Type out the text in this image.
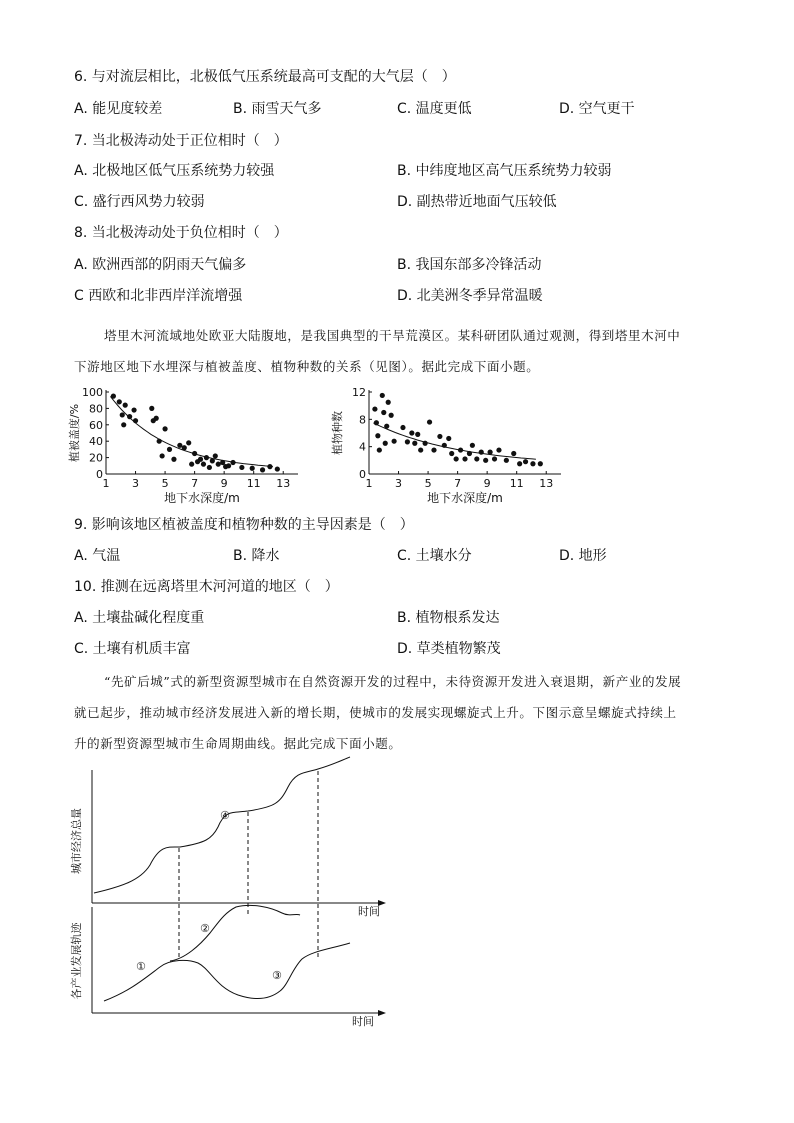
6. 与对流层相比，北极低气压系统最高可支配的大气层（　）
A. 能见度较差	B. 雨雪天气多	C. 温度更低	D. 空气更干
7. 当北极涛动处于正位相时（　）
A. 北极地区低气压系统势力较强	B. 中纬度地区高气压系统势力较弱
C. 盛行西风势力较弱	D. 副热带近地面气压较低
8. 当北极涛动处于负位相时（　）
A. 欧洲西部的阴雨天气偏多	B. 我国东部多冷锋活动
C 西欧和北非西岸洋流增强	D. 北美洲冬季异常温暖
塔里木河流域地处欧亚大陆腹地，是我国典型的干旱荒漠区。某科研团队通过观测，得到塔里木河中
下游地区地下水埋深与植被盖度、植物种数的关系（见图）。据此完成下面小题。
0
20
40
60
80
100
1 3 5 7 9 11 13
地下水深度/m
植被盖度/%
0
4
8
12
1 3 5 7 9 11 13
地下水深度/m
植物种数
9. 影响该地区植被盖度和植物种数的主导因素是（　）
A. 气温	B. 降水	C. 土壤水分	D. 地形
10. 推测在远离塔里木河河道的地区（　）
A. 土壤盐碱化程度重	B. 植物根系发达
C. 土壤有机质丰富	D. 草类植物繁茂
“先矿后城”式的新型资源型城市在自然资源开发的过程中，未待资源开发进入衰退期，新产业的发展
就已起步，推动城市经济发展进入新的增长期，使城市的发展实现螺旋式上升。下图示意呈螺旋式持续上
升的新型资源型城市生命周期曲线。据此完成下面小题。
时间
城市经济总量	④
时间
各产业发展轨迹	①
②
③
